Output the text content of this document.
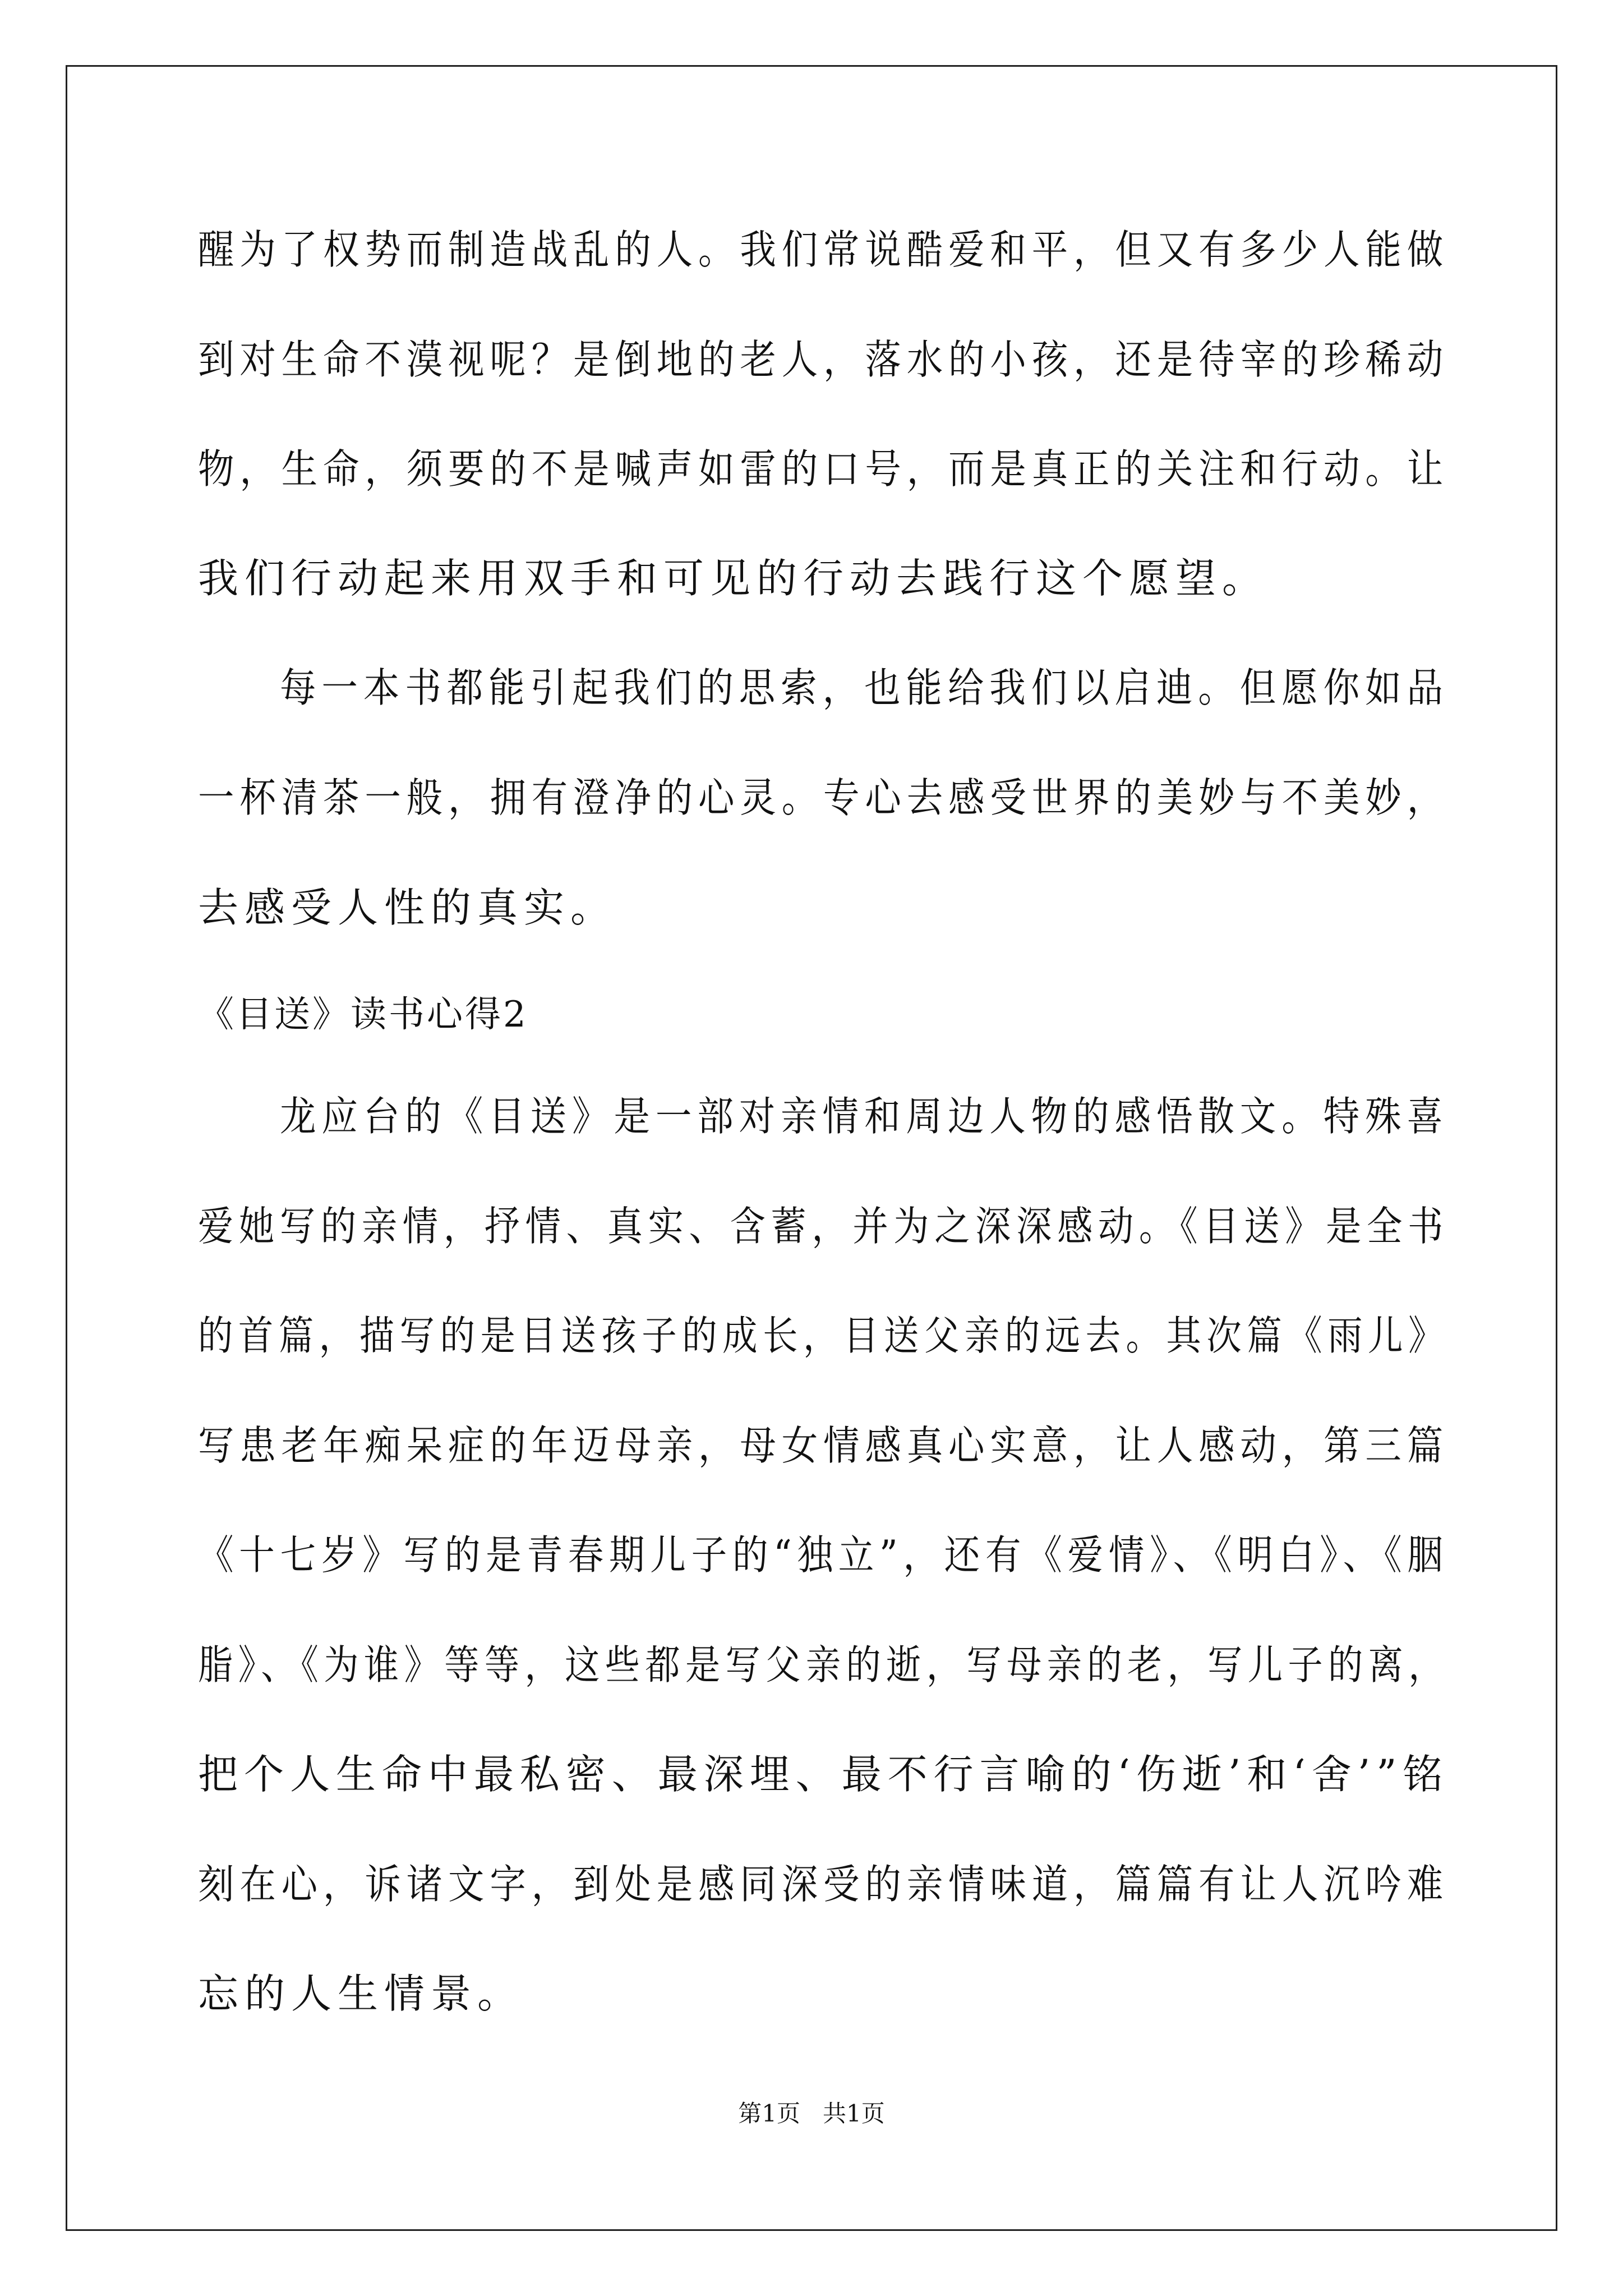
醒为了权势而制造战乱的人。我们常说酷爱和平，但又有多少人能做
到对生命不漠视呢？是倒地的老人，落水的小孩，还是待宰的珍稀动
物，生命，须要的不是喊声如雷的口号，而是真正的关注和行动。让
我们行动起来用双手和可见的行动去践行这个愿望。
每一本书都能引起我们的思索，也能给我们以启迪。但愿你如品
一杯清茶一般，拥有澄净的心灵。专心去感受世界的美妙与不美妙，
去感受人性的真实。
《目送》读书心得2
龙应台的《目送》是一部对亲情和周边人物的感悟散文。特殊喜
爱她写的亲情，抒情、真实、含蓄，并为之深深感动。《目送》是全书
的首篇，描写的是目送孩子的成长，目送父亲的远去。其次篇《雨儿》
写患老年痴呆症的年迈母亲，母女情感真心实意，让人感动，第三篇
《十七岁》写的是青春期儿子的“独立”，还有《爱情》、《明白》、《胭
脂》、《为谁》等等，这些都是写父亲的逝，写母亲的老，写儿子的离，
把个人生命中最私密、最深埋、最不行言喻的‘伤逝’和‘舍’”铭
刻在心，诉诸文字，到处是感同深受的亲情味道，篇篇有让人沉吟难
忘的人生情景。
第1页   共1页
